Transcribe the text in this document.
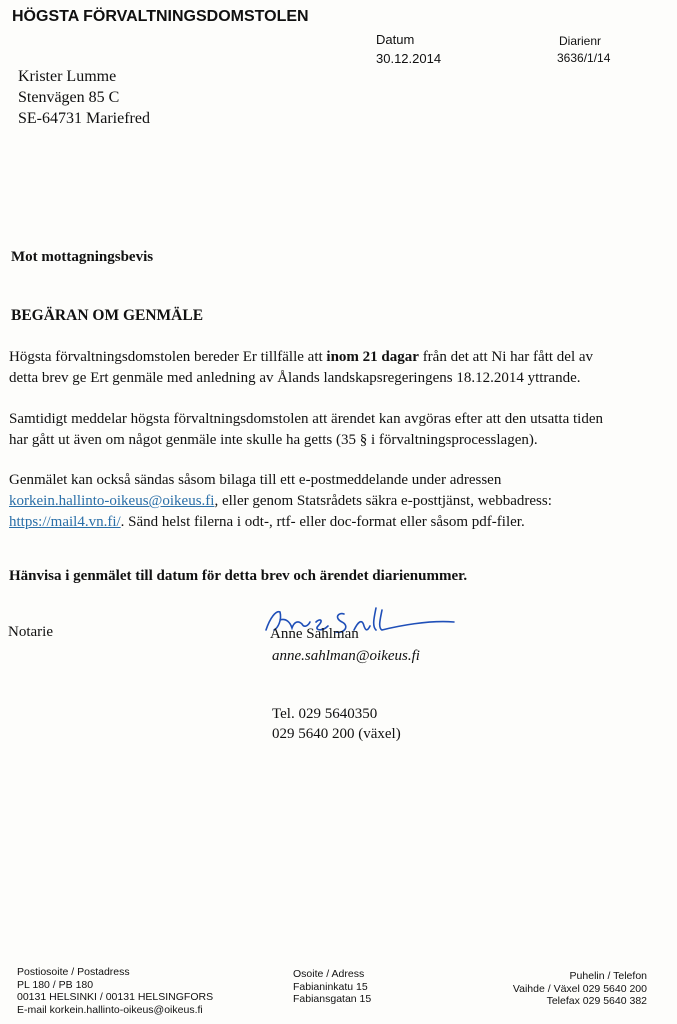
HÖGSTA FÖRVALTNINGSDOMSTOLEN
Datum
30.12.2014
Diarienr
3636/1/14
Krister Lumme
Stenvägen 85 C
SE-64731 Mariefred
Mot mottagningsbevis
BEGÄRAN OM GENMÄLE
Högsta förvaltningsdomstolen bereder Er tillfälle att inom 21 dagar från det att Ni har fått del av
detta brev ge Ert genmäle med anledning av Ålands landskapsregeringens 18.12.2014 yttrande.
Samtidigt meddelar högsta förvaltningsdomstolen att ärendet kan avgöras efter att den utsatta tiden
har gått ut även om något genmäle inte skulle ha getts (35 § i förvaltningsprocesslagen).
Genmälet kan också sändas såsom bilaga till ett e-postmeddelande under adressen
korkein.hallinto-oikeus@oikeus.fi, eller genom Statsrådets säkra e-posttjänst, webbadress:
https://mail4.vn.fi/. Sänd helst filerna i odt-, rtf- eller doc-format eller såsom pdf-filer.
Hänvisa i genmälet till datum för detta brev och ärendet diarienummer.
Notarie	Anne Sahlman
anne.sahlman@oikeus.fi
Tel. 029 5640350
029 5640 200 (växel)
Postiosoite / Postadress
PL 180 / PB 180
00131 HELSINKI / 00131 HELSINGFORS
E-mail korkein.hallinto-oikeus@oikeus.fi
Osoite / Adress
Fabianinkatu 15
Fabiansgatan 15
Puhelin / Telefon
Vaihde / Växel 029 5640 200
Telefax 029 5640 382
